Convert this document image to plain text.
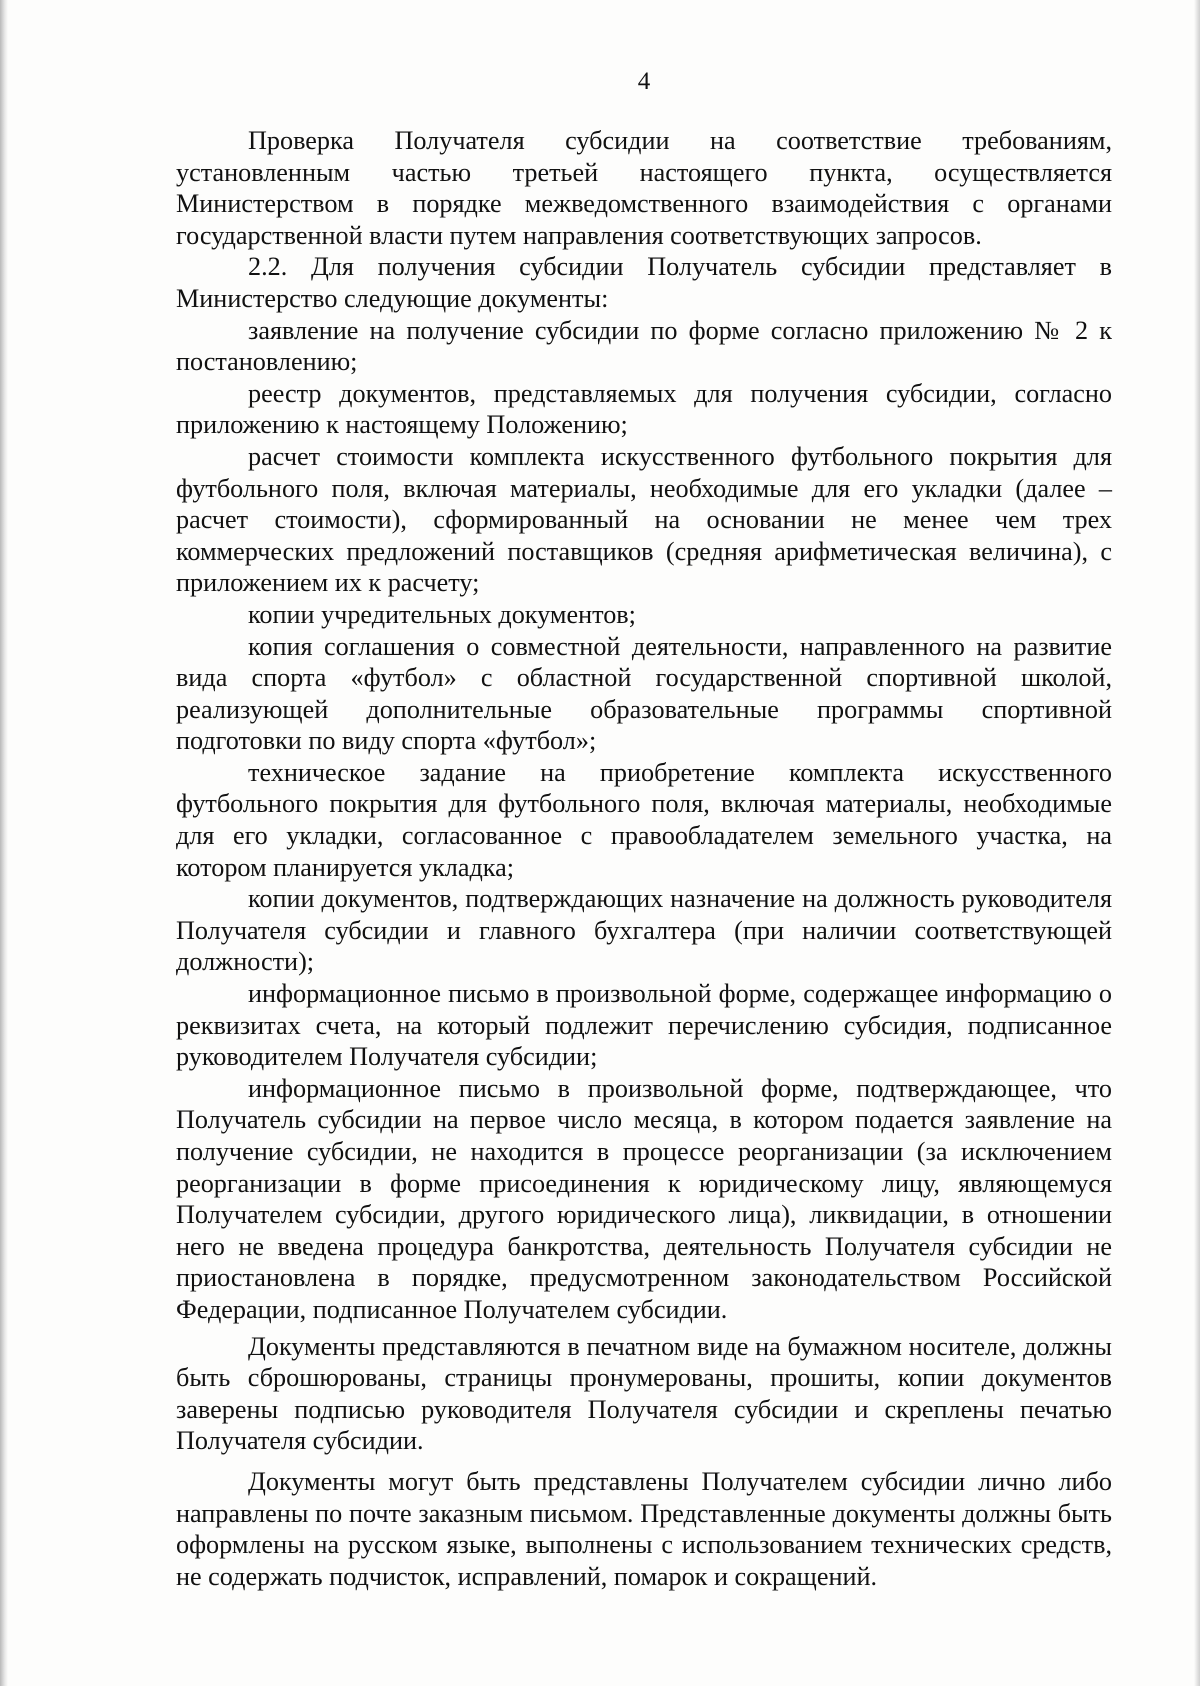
4

Проверка Получателя субсидии на соответствие требованиям, установленным частью третьей настоящего пункта, осуществляется Министерством в порядке межведомственного взаимодействия с органами государственной власти путем направления соответствующих запросов.

2.2. Для получения субсидии Получатель субсидии представляет в Министерство следующие документы:

заявление на получение субсидии по форме согласно приложению № 2 к постановлению;

реестр документов, представляемых для получения субсидии, согласно приложению к настоящему Положению;

расчет стоимости комплекта искусственного футбольного покрытия для футбольного поля, включая материалы, необходимые для его укладки (далее – расчет стоимости), сформированный на основании не менее чем трех коммерческих предложений поставщиков (средняя арифметическая величина), с приложением их к расчету;

копии учредительных документов;

копия соглашения о совместной деятельности, направленного на развитие вида спорта «футбол» с областной государственной спортивной школой, реализующей дополнительные образовательные программы спортивной подготовки по виду спорта «футбол»;

техническое задание на приобретение комплекта искусственного футбольного покрытия для футбольного поля, включая материалы, необходимые для его укладки, согласованное с правообладателем земельного участка, на котором планируется укладка;

копии документов, подтверждающих назначение на должность руководителя Получателя субсидии и главного бухгалтера (при наличии соответствующей должности);

информационное письмо в произвольной форме, содержащее информацию о реквизитах счета, на который подлежит перечислению субсидия, подписанное руководителем Получателя субсидии;

информационное письмо в произвольной форме, подтверждающее, что Получатель субсидии на первое число месяца, в котором подается заявление на получение субсидии, не находится в процессе реорганизации (за исключением реорганизации в форме присоединения к юридическому лицу, являющемуся Получателем субсидии, другого юридического лица), ликвидации, в отношении него не введена процедура банкротства, деятельность Получателя субсидии не приостановлена в порядке, предусмотренном законодательством Российской Федерации, подписанное Получателем субсидии.

Документы представляются в печатном виде на бумажном носителе, должны быть сброшюрованы, страницы пронумерованы, прошиты, копии документов заверены подписью руководителя Получателя субсидии и скреплены печатью Получателя субсидии.

Документы могут быть представлены Получателем субсидии лично либо направлены по почте заказным письмом. Представленные документы должны быть оформлены на русском языке, выполнены с использованием технических средств, не содержать подчисток, исправлений, помарок и сокращений.
